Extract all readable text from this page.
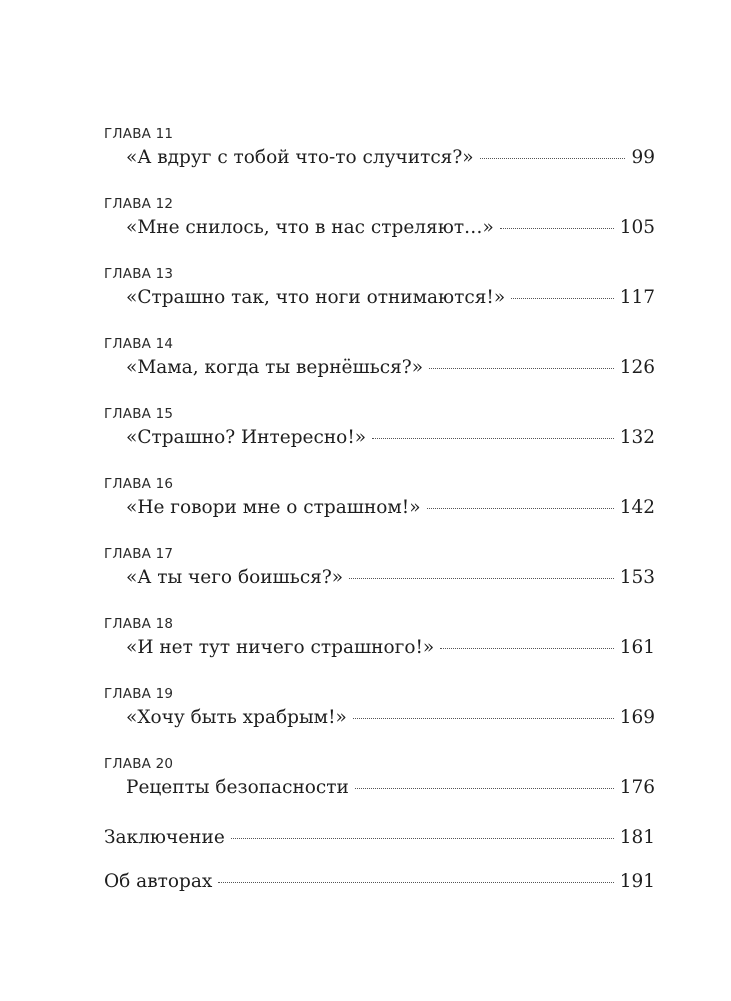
ГЛАВА 11
«А вдруг с тобой что-то случится?»	99
ГЛАВА 12
«Мне снилось, что в нас стреляют…»	105
ГЛАВА 13
«Страшно так, что ноги отнимаются!»	117
ГЛАВА 14
«Мама, когда ты вернёшься?»	126
ГЛАВА 15
«Страшно? Интересно!»	132
ГЛАВА 16
«Не говори мне о страшном!»	142
ГЛАВА 17
«А ты чего боишься?»	153
ГЛАВА 18
«И нет тут ничего страшного!»	161
ГЛАВА 19
«Хочу быть храбрым!»	169
ГЛАВА 20
Рецепты безопасности	176
Заключение	181
Об авторах	191
